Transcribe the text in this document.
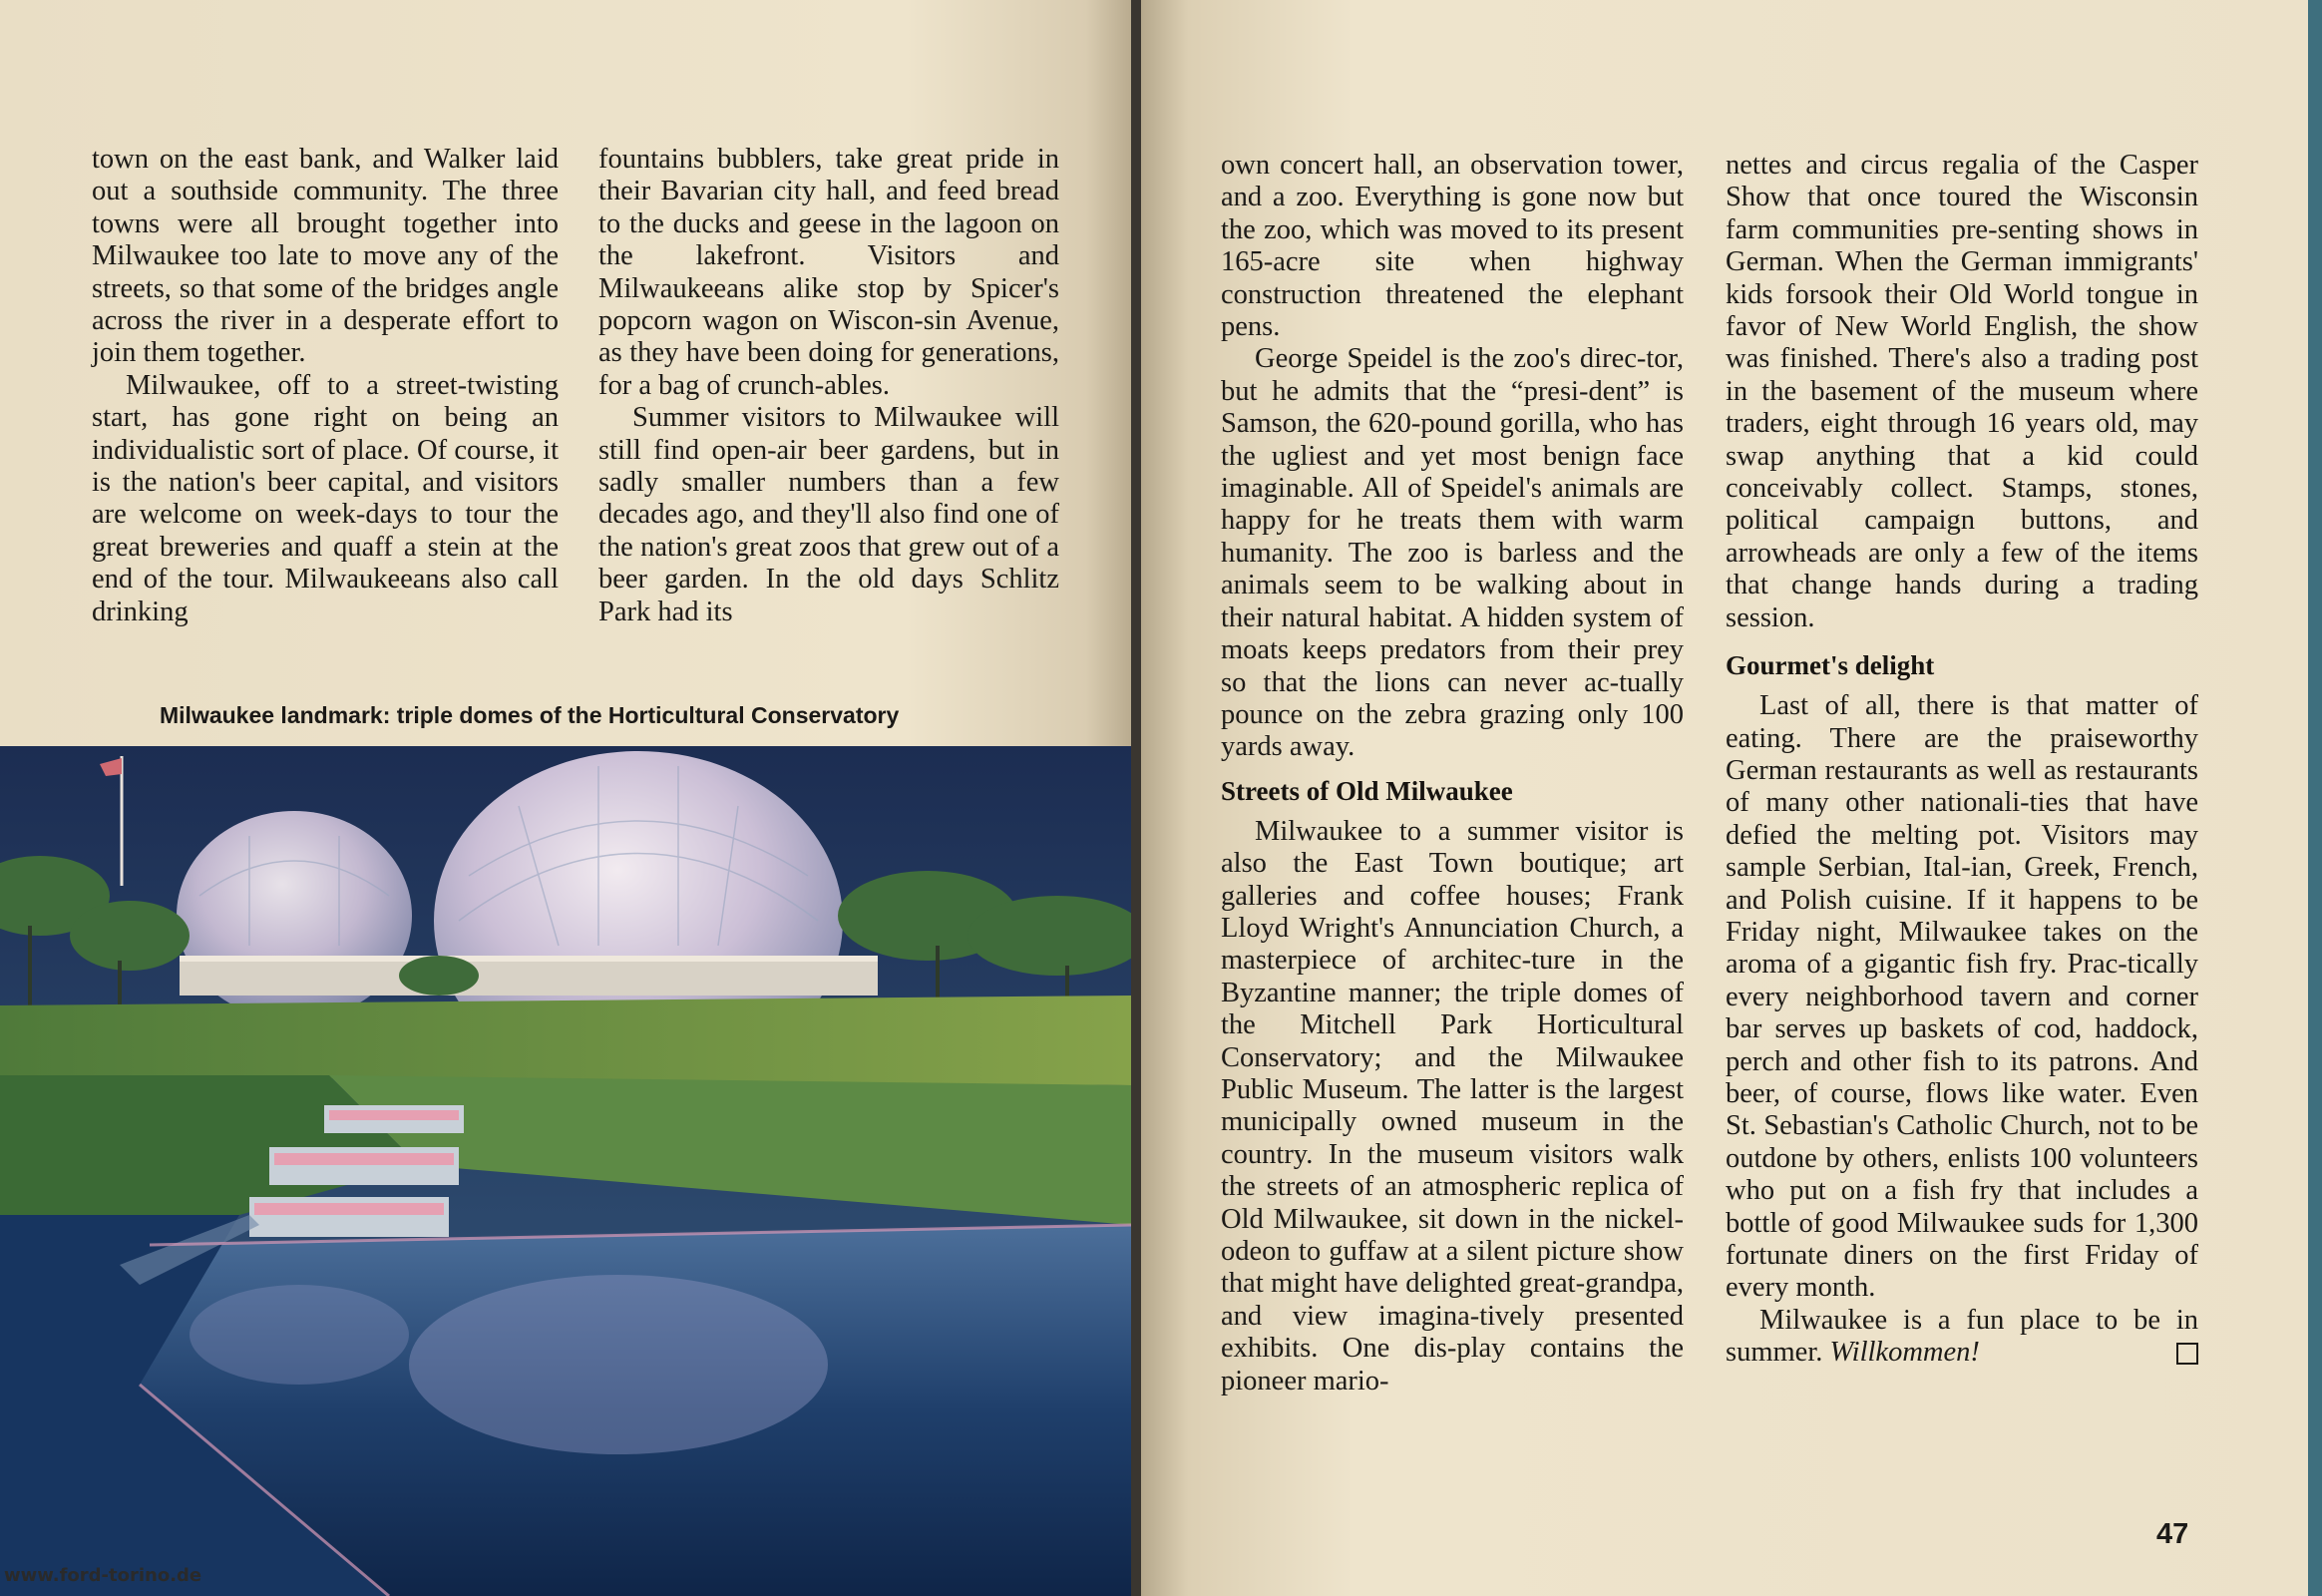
town on the east bank, and Walker laid out a southside community. The three towns were all brought together into Milwaukee too late to move any of the streets, so that some of the bridges angle across the river in a desperate effort to join them together.

Milwaukee, off to a street-twisting start, has gone right on being an individualistic sort of place. Of course, it is the nation's beer capital, and visitors are welcome on week-days to tour the great breweries and quaff a stein at the end of the tour. Milwaukeeans also call drinking

fountains bubblers, take great pride in their Bavarian city hall, and feed bread to the ducks and geese in the lagoon on the lakefront. Visitors and Milwaukeeans alike stop by Spicer's popcorn wagon on Wiscon-sin Avenue, as they have been doing for generations, for a bag of crunch-ables.

Summer visitors to Milwaukee will still find open-air beer gardens, but in sadly smaller numbers than a few decades ago, and they'll also find one of the nation's great zoos that grew out of a beer garden. In the old days Schlitz Park had its

Milwaukee landmark: triple domes of the Horticultural Conservatory
www.ford-torino.de

own concert hall, an observation tower, and a zoo. Everything is gone now but the zoo, which was moved to its present 165-acre site when highway construction threatened the elephant pens.

George Speidel is the zoo's direc-tor, but he admits that the “presi-dent” is Samson, the 620-pound gorilla, who has the ugliest and yet most benign face imaginable. All of Speidel's animals are happy for he treats them with warm humanity. The zoo is barless and the animals seem to be walking about in their natural habitat. A hidden system of moats keeps predators from their prey so that the lions can never ac-tually pounce on the zebra grazing only 100 yards away.

Streets of Old Milwaukee

Milwaukee to a summer visitor is also the East Town boutique; art galleries and coffee houses; Frank Lloyd Wright's Annunciation Church, a masterpiece of architec-ture in the Byzantine manner; the triple domes of the Mitchell Park Horticultural Conservatory; and the Milwaukee Public Museum. The latter is the largest municipally owned museum in the country. In the museum visitors walk the streets of an atmospheric replica of Old Milwaukee, sit down in the nickel-odeon to guffaw at a silent picture show that might have delighted great-grandpa, and view imagina-tively presented exhibits. One dis-play contains the pioneer mario-

nettes and circus regalia of the Casper Show that once toured the Wisconsin farm communities pre-senting shows in German. When the German immigrants' kids forsook their Old World tongue in favor of New World English, the show was finished. There's also a trading post in the basement of the museum where traders, eight through 16 years old, may swap anything that a kid could conceivably collect. Stamps, stones, political campaign buttons, and arrowheads are only a few of the items that change hands during a trading session.

Gourmet's delight

Last of all, there is that matter of eating. There are the praiseworthy German restaurants as well as restaurants of many other nationali-ties that have defied the melting pot. Visitors may sample Serbian, Ital-ian, Greek, French, and Polish cuisine. If it happens to be Friday night, Milwaukee takes on the aroma of a gigantic fish fry. Prac-tically every neighborhood tavern and corner bar serves up baskets of cod, haddock, perch and other fish to its patrons. And beer, of course, flows like water. Even St. Sebastian's Catholic Church, not to be outdone by others, enlists 100 volunteers who put on a fish fry that includes a bottle of good Milwaukee suds for 1,300 fortunate diners on the first Friday of every month.

Milwaukee is a fun place to be in summer. Willkommen!

47
